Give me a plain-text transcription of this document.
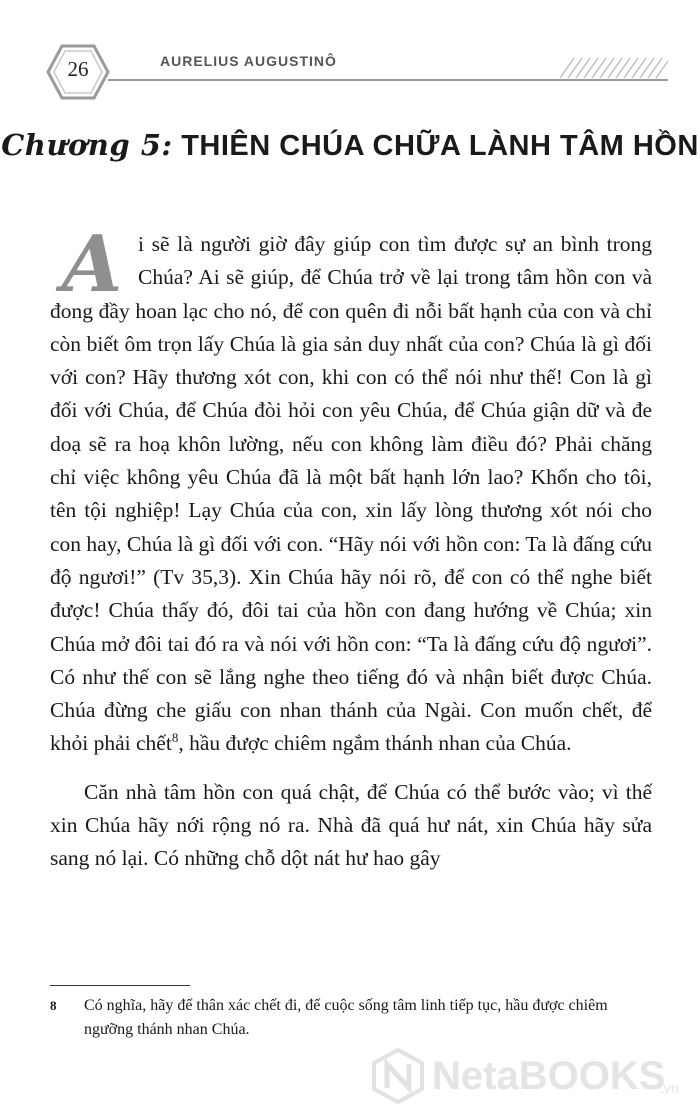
26	AURELIUS AUGUSTINÔ
Chương 5: THIÊN CHÚA CHỮA LÀNH TÂM HỒN

Ai sẽ là người giờ đây giúp con tìm được sự an bình trong Chúa? Ai sẽ giúp, để Chúa trở về lại trong tâm hồn con và đong đầy hoan lạc cho nó, để con quên đi nỗi bất hạnh của con và chỉ còn biết ôm trọn lấy Chúa là gia sản duy nhất của con? Chúa là gì đối với con? Hãy thương xót con, khi con có thể nói như thế! Con là gì đối với Chúa, để Chúa đòi hỏi con yêu Chúa, để Chúa giận dữ và đe doạ sẽ ra hoạ khôn lường, nếu con không làm điều đó? Phải chăng chỉ việc không yêu Chúa đã là một bất hạnh lớn lao? Khốn cho tôi, tên tội nghiệp! Lạy Chúa của con, xin lấy lòng thương xót nói cho con hay, Chúa là gì đối với con. “Hãy nói với hồn con: Ta là đấng cứu độ ngươi!” (Tv 35,3). Xin Chúa hãy nói rõ, để con có thể nghe biết được! Chúa thấy đó, đôi tai của hồn con đang hướng về Chúa; xin Chúa mở đôi tai đó ra và nói với hồn con: “Ta là đấng cứu độ ngươi”. Có như thế con sẽ lắng nghe theo tiếng đó và nhận biết được Chúa. Chúa đừng che giấu con nhan thánh của Ngài. Con muốn chết, để khỏi phải chết$^8$, hầu được chiêm ngắm thánh nhan của Chúa.

Căn nhà tâm hồn con quá chật, để Chúa có thể bước vào; vì thế xin Chúa hãy nới rộng nó ra. Nhà đã quá hư nát, xin Chúa hãy sửa sang nó lại. Có những chỗ dột nát hư hao gây

8	Có nghĩa, hãy để thân xác chết đi, để cuộc sống tâm linh tiếp tục, hầu được chiêm ngưỡng thánh nhan Chúa.
NetaBOOKS
.vn
